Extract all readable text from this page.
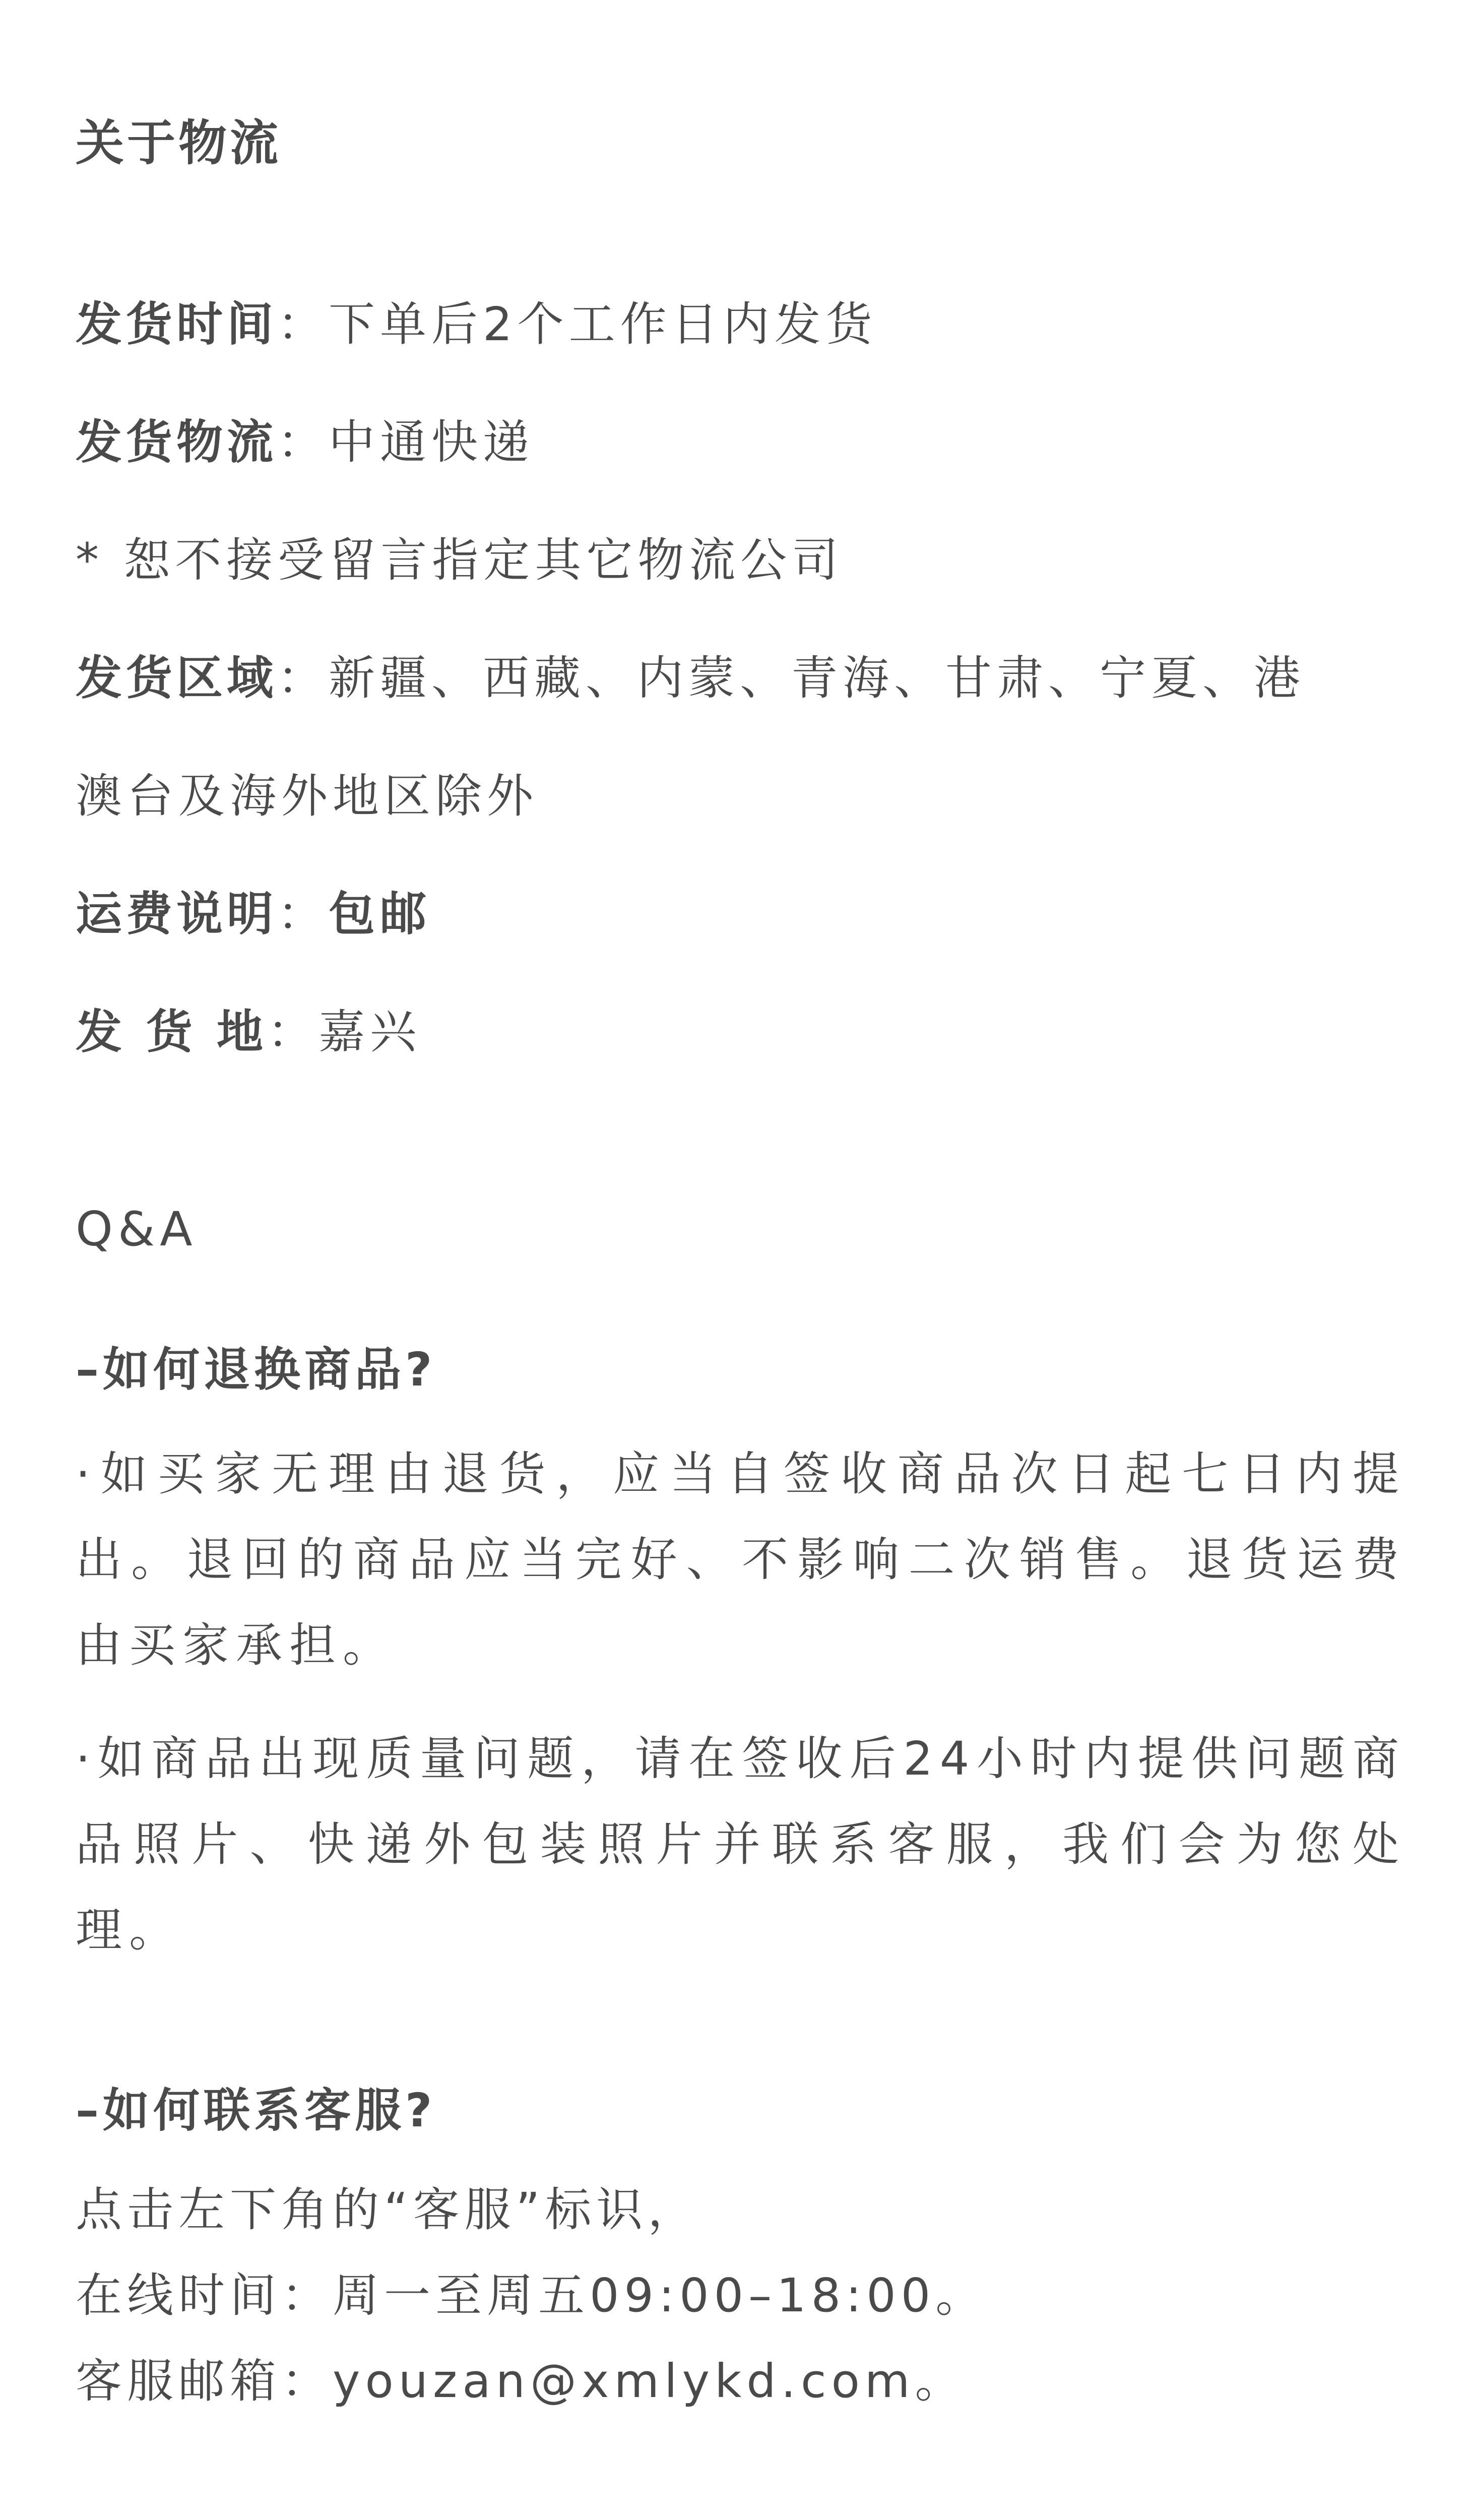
关于物流
发货时间：下单后2个工作日内发货
发货物流：中通快递
* 恕不接受留言指定其它物流公司
发货区域：新疆、西藏、内蒙、青海、甘肃、宁夏、港
澳台及海外地区除外
运费说明：包邮
发 货 地：嘉兴
Q&A
–如何退换商品?
·如买家无理由退货，应当自签收商品次日起七日内提出。退回的商品应当完好、不影响二次销售。退货运费由买家承担。
·如商品出现质量问题，请在签收后24小时内提供问题商品照片、快递外包装照片并联系客服，我们会为您处理。
–如何联系客服?
点击左下角的“客服”标识，
在线时间：周一至周五09:00–18:00。
客服邮箱：youzan@xmlykd.com。
